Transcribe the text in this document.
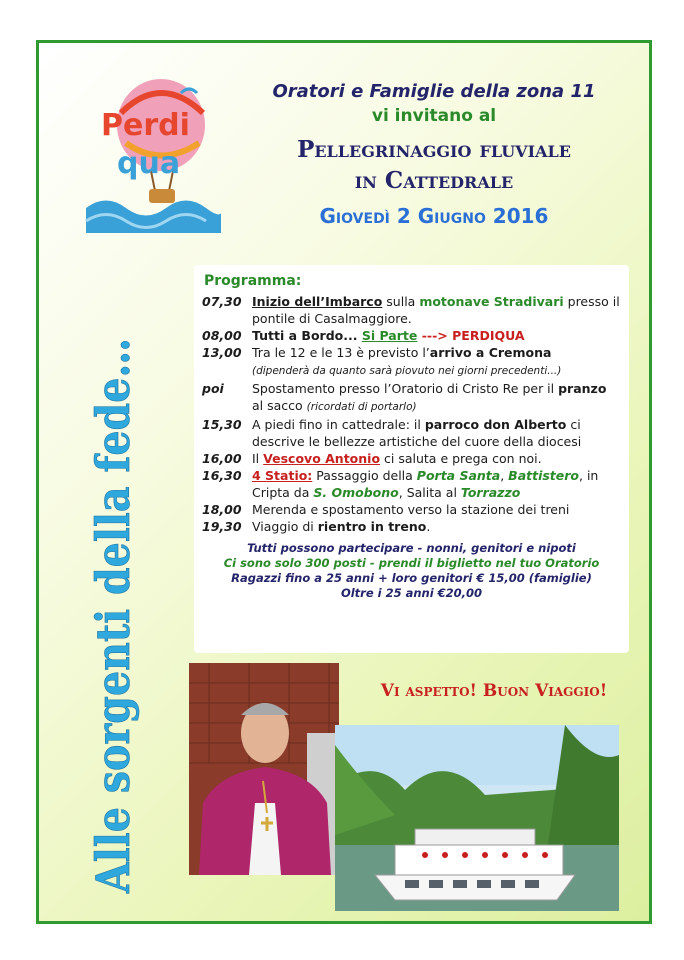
Perdi
qua

Oratori e Famiglie della zona 11

vi invitano al

Pellegrinaggio fluviale
in Cattedrale

Giovedì 2 Giugno 2016

Alle sorgenti della fede…	Programma:
07,30 Inizio dell’Imbarco sulla motonave Stradivari presso il pontile di Casalmaggiore.
08,00 Tutti a Bordo... Si Parte ---> PERDIQUA
13,00 Tra le 12 e le 13 è previsto l’arrivo a Cremona
(dipenderà da quanto sarà piovuto nei giorni precedenti...)
poi	Spostamento presso l’Oratorio di Cristo Re per il pranzo al sacco (ricordati di portarlo)
15,30 A piedi fino in cattedrale: il parroco don Alberto ci descrive le bellezze artistiche del cuore della diocesi
16,00 Il Vescovo Antonio ci saluta e prega con noi.
16,30 4 Statio: Passaggio della Porta Santa, Battistero, in Cripta da S. Omobono, Salita al Torrazzo
18,00 Merenda e spostamento verso la stazione dei treni
19,30 Viaggio di rientro in treno.
Tutti possono partecipare - nonni, genitori e nipoti
Ci sono solo 300 posti - prendi il biglietto nel tuo Oratorio
Ragazzi fino a 25 anni + loro genitori € 15,00 (famiglie)
Oltre i 25 anni €20,00
Vi aspetto! Buon Viaggio!
